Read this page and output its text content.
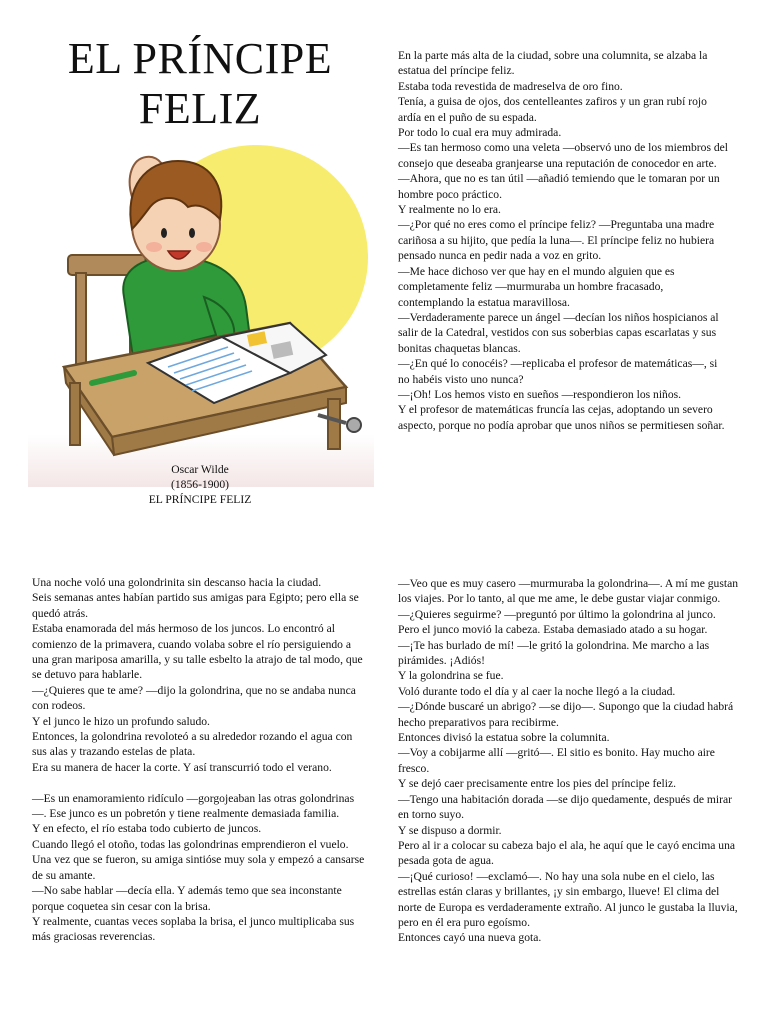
EL PRÍNCIPE
FELIZ
Oscar Wilde
(1856-1900)
EL PRÍNCIPE FELIZ

En la parte más alta de la ciudad, sobre una columnita, se alzaba la estatua del príncipe feliz.

Estaba toda revestida de madreselva de oro fino.

Tenía, a guisa de ojos, dos centelleantes zafiros y un gran rubí rojo ardía en el puño de su espada.

Por todo lo cual era muy admirada.

—Es tan hermoso como una veleta —observó uno de los miembros del consejo que deseaba granjearse una reputación de conocedor en arte.

—Ahora, que no es tan útil —añadió temiendo que le tomaran por un hombre poco práctico.

Y realmente no lo era.

—¿Por qué no eres como el príncipe feliz? —Preguntaba una madre cariñosa a su hijito, que pedía la luna—. El príncipe feliz no hubiera pensado nunca en pedir nada a voz en grito.

—Me hace dichoso ver que hay en el mundo alguien que es completamente feliz —murmuraba un hombre fracasado, contemplando la estatua maravillosa.

—Verdaderamente parece un ángel —decían los niños hospicianos al salir de la Catedral, vestidos con sus soberbias capas escarlatas y sus bonitas chaquetas blancas.

—¿En qué lo conocéis? —replicaba el profesor de matemáticas—, si no habéis visto uno nunca?

—¡Oh! Los hemos visto en sueños —respondieron los niños.

Y el profesor de matemáticas fruncía las cejas, adoptando un severo aspecto, porque no podía aprobar que unos niños se permitiesen soñar.

Una noche voló una golondrinita sin descanso hacia la ciudad.

Seis semanas antes habían partido sus amigas para Egipto; pero ella se quedó atrás.

Estaba enamorada del más hermoso de los juncos. Lo encontró al comienzo de la primavera, cuando volaba sobre el río persiguiendo a una gran mariposa amarilla, y su talle esbelto la atrajo de tal modo, que se detuvo para hablarle.

—¿Quieres que te ame? —dijo la golondrina, que no se andaba nunca con rodeos.

Y el junco le hizo un profundo saludo.

Entonces, la golondrina revoloteó a su alrededor rozando el agua con sus alas y trazando estelas de plata.

Era su manera de hacer la corte. Y así transcurrió todo el verano.

—Es un enamoramiento ridículo —gorgojeaban las otras golondrinas—. Ese junco es un pobretón y tiene realmente demasiada familia.

Y en efecto, el río estaba todo cubierto de juncos.

Cuando llegó el otoño, todas las golondrinas emprendieron el vuelo.

Una vez que se fueron, su amiga sintióse muy sola y empezó a cansarse de su amante.

—No sabe hablar —decía ella. Y además temo que sea inconstante porque coquetea sin cesar con la brisa.

Y realmente, cuantas veces soplaba la brisa, el junco multiplicaba sus más graciosas reverencias.

—Veo que es muy casero —murmuraba la golondrina—. A mí me gustan los viajes. Por lo tanto, al que me ame, le debe gustar viajar conmigo.

—¿Quieres seguirme? —preguntó por último la golondrina al junco.

Pero el junco movió la cabeza. Estaba demasiado atado a su hogar.

—¡Te has burlado de mí! —le gritó la golondrina. Me marcho a las pirámides. ¡Adiós!

Y la golondrina se fue.

Voló durante todo el día y al caer la noche llegó a la ciudad.

—¿Dónde buscaré un abrigo? —se dijo—. Supongo que la ciudad habrá hecho preparativos para recibirme.

Entonces divisó la estatua sobre la columnita.

—Voy a cobijarme allí —gritó—. El sitio es bonito. Hay mucho aire fresco.

Y se dejó caer precisamente entre los pies del príncipe feliz.

—Tengo una habitación dorada —se dijo quedamente, después de mirar en torno suyo.

Y se dispuso a dormir.

Pero al ir a colocar su cabeza bajo el ala, he aquí que le cayó encima una pesada gota de agua.

—¡Qué curioso! —exclamó—. No hay una sola nube en el cielo, las estrellas están claras y brillantes, ¡y sin embargo, llueve! El clima del norte de Europa es verdaderamente extraño. Al junco le gustaba la lluvia, pero en él era puro egoísmo.

Entonces cayó una nueva gota.
